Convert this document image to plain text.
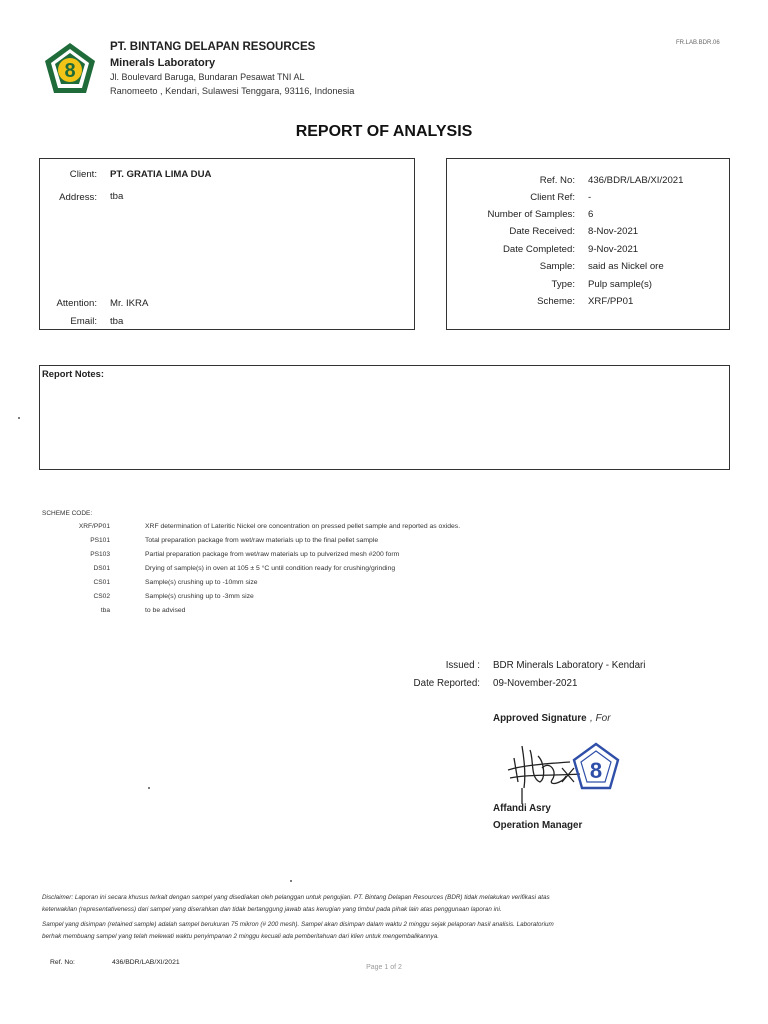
8
PT. BINTANG DELAPAN RESOURCES
Minerals Laboratory
Jl. Boulevard Baruga, Bundaran Pesawat TNI AL
Ranomeeto , Kendari, Sulawesi Tenggara, 93116, Indonesia
FR.LAB.BDR.06
REPORT OF ANALYSIS
Client: PT. GRATIA LIMA DUA
Address: tba
Attention: Mr. IKRA
Email: tba
Ref. No: 436/BDR/LAB/XI/2021
Client Ref: -
Number of Samples: 6
Date Received: 8-Nov-2021
Date Completed: 9-Nov-2021
Sample: said as Nickel ore
Type: Pulp sample(s)
Scheme: XRF/PP01
Report Notes:
SCHEME CODE:
XRF/PP01	XRF determination of Lateritic Nickel ore concentration on pressed pellet sample and reported as oxides.
PS101	Total preparation package from wet/raw materials up to the final pellet sample
PS103	Partial preparation package from wet/raw materials up to pulverized mesh #200 form
DS01	Drying of sample(s) in oven at 105 ± 5 °C until condition ready for crushing/grinding
CS01	Sample(s) crushing up to -10mm size
CS02	Sample(s) crushing up to -3mm size
tba	to be advised
Issued : BDR Minerals Laboratory - Kendari
Date Reported: 09-November-2021
Approved Signature , For
8
Affandi Asry
Operation Manager
Disclaimer: Laporan ini secara khusus terkait dengan sampel yang disediakan oleh pelanggan untuk pengujian. PT. Bintang Delapan Resources (BDR) tidak melakukan verifikasi atas
keterwakilan (representativeness) dari sampel yang diserahkan dan tidak bertanggung jawab atas kerugian yang timbul pada pihak lain atas penggunaan laporan ini.
Sampel yang disimpan (retained sample) adalah sampel berukuran 75 mikron (# 200 mesh). Sampel akan disimpan dalam waktu 2 minggu sejak pelaporan hasil analisis. Laboratorium
berhak membuang sampel yang telah melewati waktu penyimpanan 2 minggu kecuali ada pemberitahuan dari klien untuk mengembalikannya.
Ref. No:	436/BDR/LAB/XI/2021
Page 1 of 2
